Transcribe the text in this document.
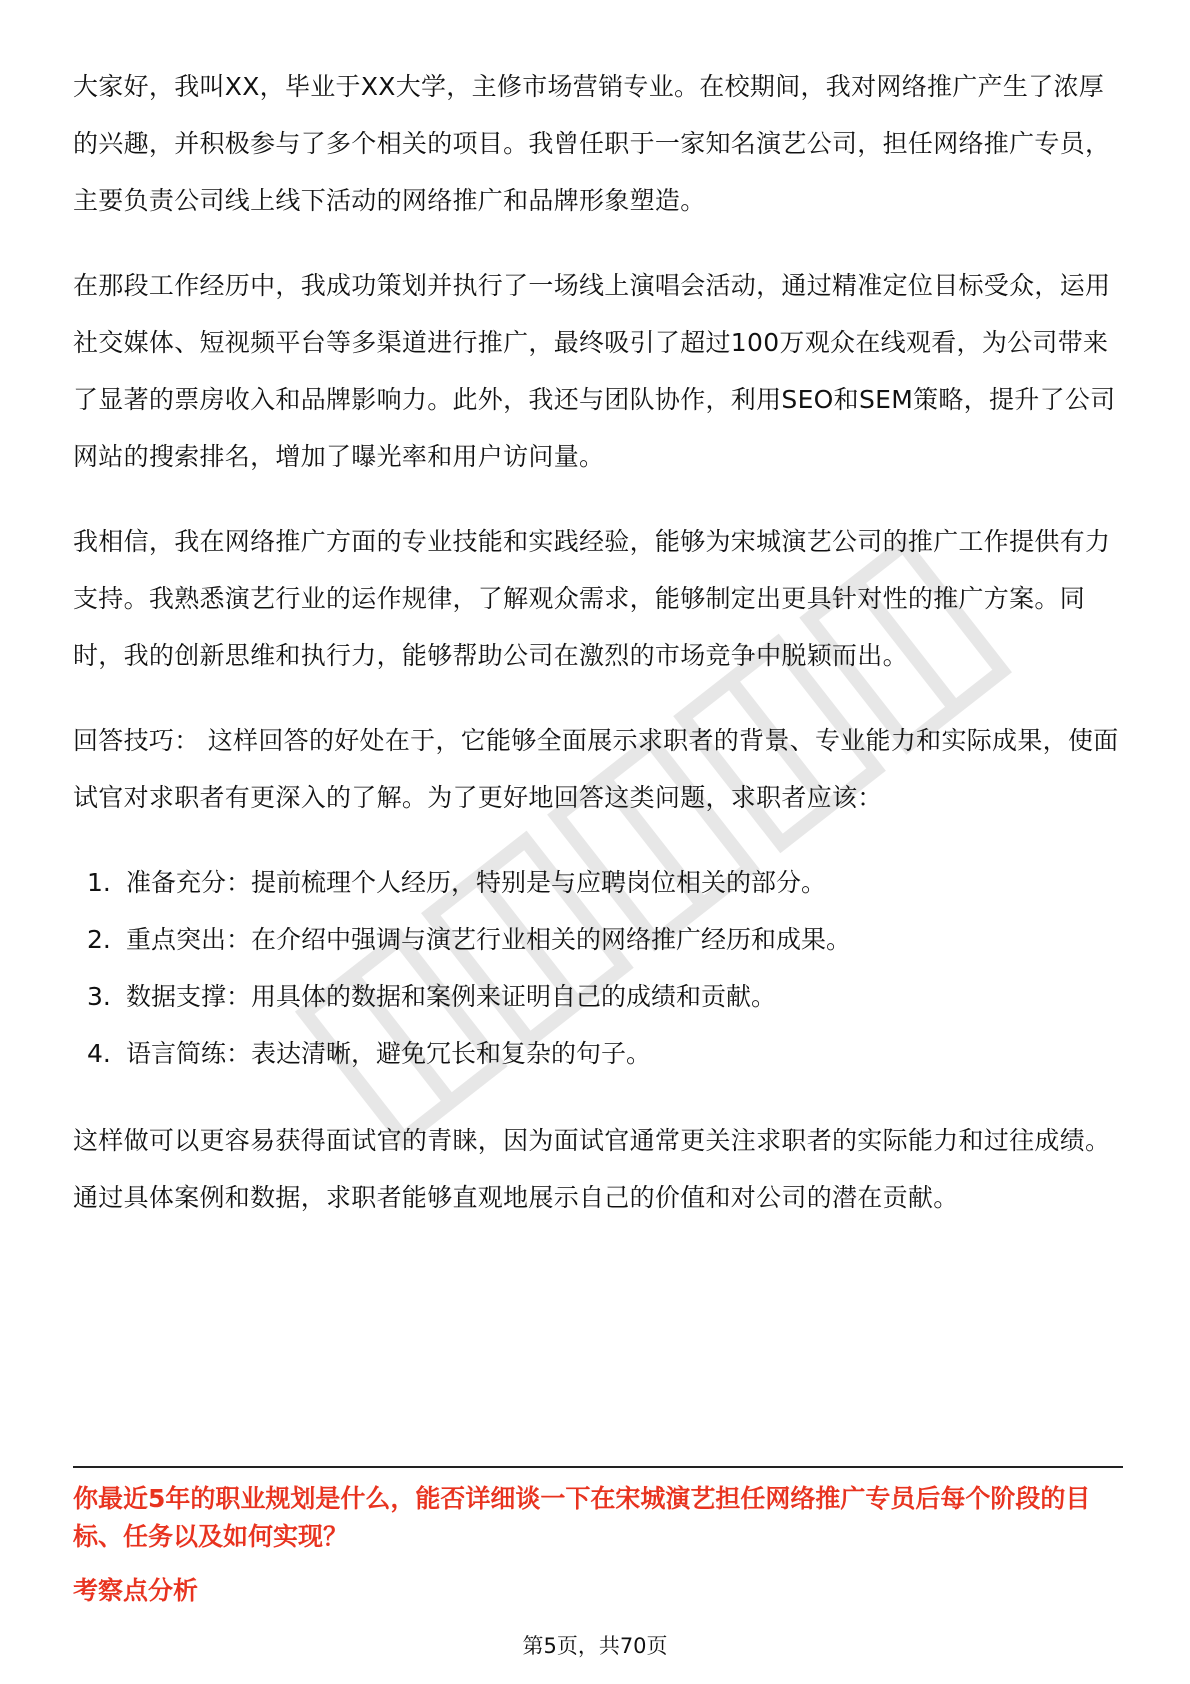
大家好，我叫XX，毕业于XX大学，主修市场营销专业。在校期间，我对网络推广产生了浓厚的兴趣，并积极参与了多个相关的项目。我曾任职于一家知名演艺公司，担任网络推广专员，主要负责公司线上线下活动的网络推广和品牌形象塑造。

在那段工作经历中，我成功策划并执行了一场线上演唱会活动，通过精准定位目标受众，运用社交媒体、短视频平台等多渠道进行推广，最终吸引了超过100万观众在线观看，为公司带来了显著的票房收入和品牌影响力。此外，我还与团队协作，利用SEO和SEM策略，提升了公司网站的搜索排名，增加了曝光率和用户访问量。

我相信，我在网络推广方面的专业技能和实践经验，能够为宋城演艺公司的推广工作提供有力支持。我熟悉演艺行业的运作规律，了解观众需求，能够制定出更具针对性的推广方案。同时，我的创新思维和执行力，能够帮助公司在激烈的市场竞争中脱颖而出。

回答技巧： 这样回答的好处在于，它能够全面展示求职者的背景、专业能力和实际成果，使面试官对求职者有更深入的了解。为了更好地回答这类问题，求职者应该：

1. 准备充分：提前梳理个人经历，特别是与应聘岗位相关的部分。
2. 重点突出：在介绍中强调与演艺行业相关的网络推广经历和成果。
3. 数据支撑：用具体的数据和案例来证明自己的成绩和贡献。
4. 语言简练：表达清晰，避免冗长和复杂的句子。

这样做可以更容易获得面试官的青睐，因为面试官通常更关注求职者的实际能力和过往成绩。通过具体案例和数据，求职者能够直观地展示自己的价值和对公司的潜在贡献。

你最近5年的职业规划是什么，能否详细谈一下在宋城演艺担任网络推广专员后每个阶段的目标、任务以及如何实现？
考察点分析
第5页，共70页
